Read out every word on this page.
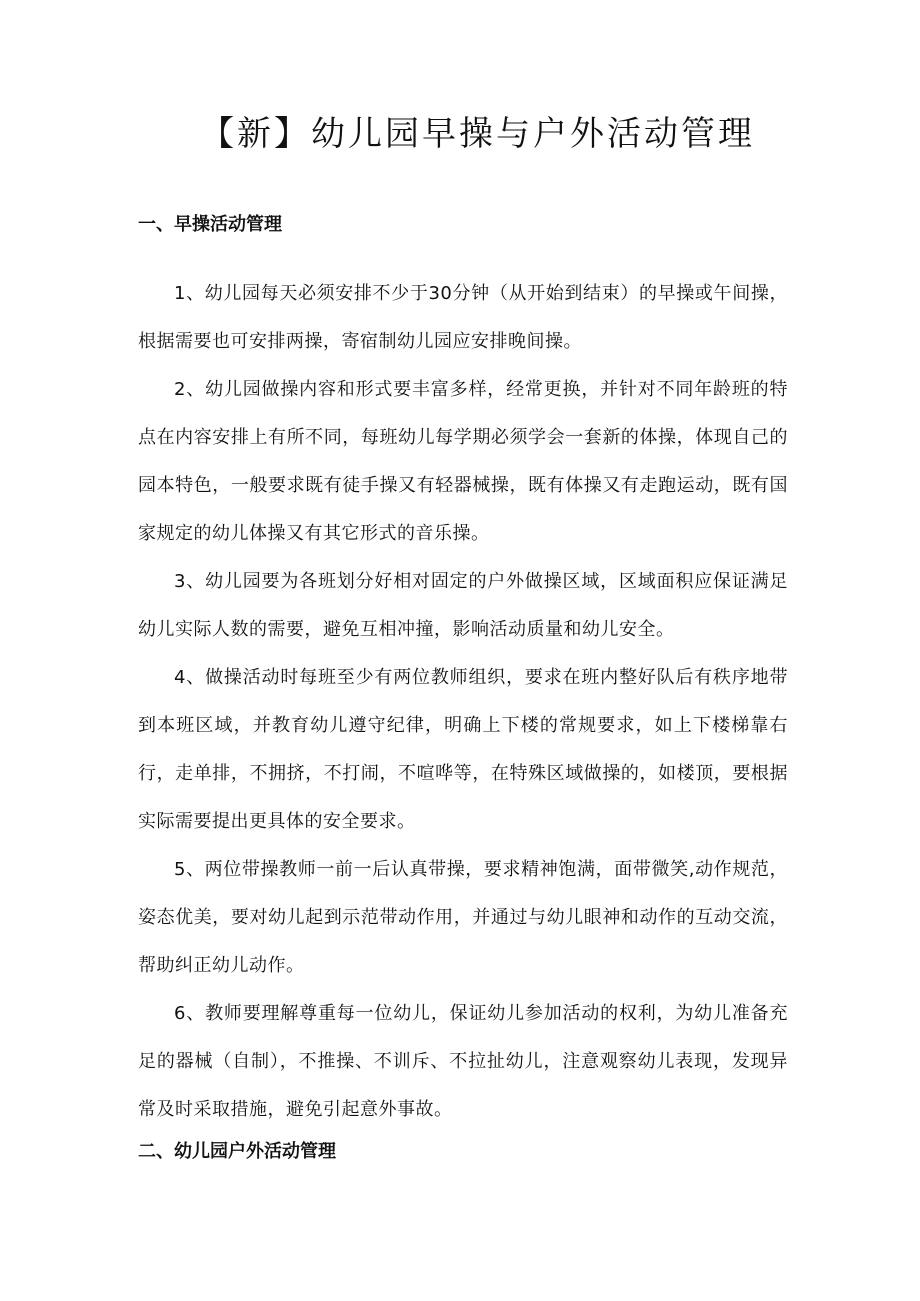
【新】幼儿园早操与户外活动管理
一、早操活动管理

1、幼儿园每天必须安排不少于30分钟（从开始到结束）的早操或午间操，根据需要也可安排两操，寄宿制幼儿园应安排晚间操。

2、幼儿园做操内容和形式要丰富多样，经常更换，并针对不同年龄班的特点在内容安排上有所不同，每班幼儿每学期必须学会一套新的体操，体现自己的园本特色，一般要求既有徒手操又有轻器械操，既有体操又有走跑运动，既有国家规定的幼儿体操又有其它形式的音乐操。

3、幼儿园要为各班划分好相对固定的户外做操区域，区域面积应保证满足幼儿实际人数的需要，避免互相冲撞，影响活动质量和幼儿安全。

4、做操活动时每班至少有两位教师组织，要求在班内整好队后有秩序地带到本班区域，并教育幼儿遵守纪律，明确上下楼的常规要求，如上下楼梯靠右行，走单排，不拥挤，不打闹，不喧哗等，在特殊区域做操的，如楼顶，要根据实际需要提出更具体的安全要求。

5、两位带操教师一前一后认真带操，要求精神饱满，面带微笑,动作规范，姿态优美，要对幼儿起到示范带动作用，并通过与幼儿眼神和动作的互动交流，帮助纠正幼儿动作。

6、教师要理解尊重每一位幼儿，保证幼儿参加活动的权利，为幼儿准备充足的器械（自制），不推操、不训斥、不拉扯幼儿，注意观察幼儿表现，发现异常及时采取措施，避免引起意外事故。

二、幼儿园户外活动管理
